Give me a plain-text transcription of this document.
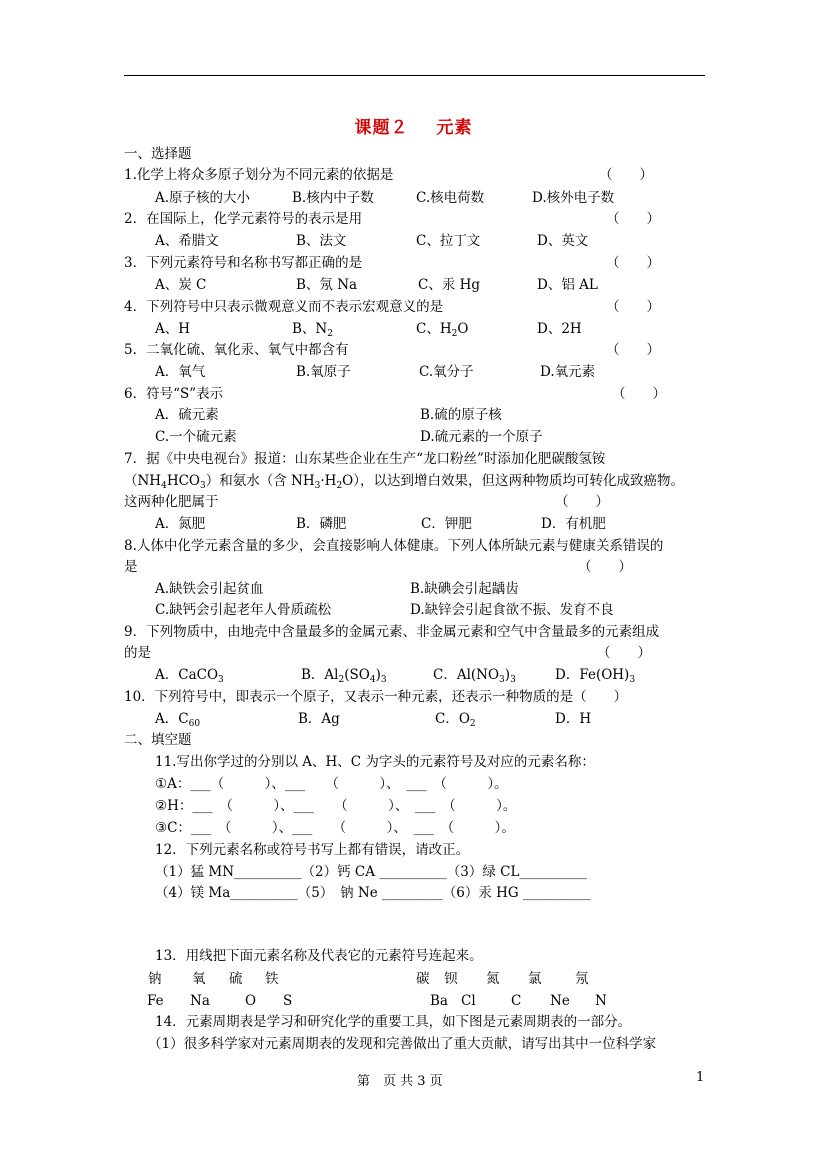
课题２ 元素
一、选择题
1.化学上将众多原子划分为不同元素的依据是	（　　）
A.原子核的大小	B.核内中子数	C.核电荷数	D.核外电子数
2．在国际上，化学元素符号的表示是用	（　　）
A、希腊文	B、法文	C、拉丁文	D、英文
3．下列元素符号和名称书写都正确的是	（　　）
A、炭 C	B、氖 Na	C、汞 Hg	D、铝 AL
4．下列符号中只表示微观意义而不表示宏观意义的是	（　　）
A、H	B、$N_2$	C、$H_2O$	D、2H
5．二氧化硫、氧化汞、氧气中都含有	（　　）
A．氧气	B.氧原子	C.氧分子	D.氧元素
6．符号“S”表示	（　　）
A．硫元素	B.硫的原子核
C.一个硫元素	D.硫元素的一个原子
7．据《中央电视台》报道：山东某些企业在生产“龙口粉丝”时添加化肥碳酸氢铵
$(NH_4HCO_3)$和氨水（含 $NH_3\cdot H_2O$），以达到增白效果，但这两种物质均可转化成致癌物。
这两种化肥属于	（　　）
A．氮肥	B．磷肥	C．钾肥	D．有机肥
8.人体中化学元素含量的多少，会直接影响人体健康。下列人体所缺元素与健康关系错误的
是	（　　）
A.缺铁会引起贫血	B.缺碘会引起龋齿
C.缺钙会引起老年人骨质疏松	D.缺锌会引起食欲不振、发育不良
9．下列物质中，由地壳中含量最多的金属元素、非金属元素和空气中含量最多的元素组成
的是	（　　）
A．CaCO$_3$	B．$Al_2(SO_4)_3$	C．$Al(NO_3)_3$	D．$Fe(OH)_3$
10．下列符号中，即表示一个原子，又表示一种元素，还表示一种物质的是（　　）
A．$C_{60}$	B．Ag	C．$O_2$	D．H
二、填空题
11.写出你学过的分别以 A、H、C 为字头的元素符号及对应的元素名称：
①A：___（　　　）、___　　（　　　）、　___　（　　　）。
②H：___　（　　　）、___　　（　　　）、　___　（　　　）。
③C：___　（　　　）、___　　（　　　）、　___　（　　　）。
12．下列元素名称或符号书写上都有错误，请改正。
（1）猛 MN__________（2）钙 CA __________（3）绿 CL__________
（4）镁 Ma__________（5）　钠 Ne _________（6）汞 HG __________
13．用线把下面元素名称及代表它的元素符号连起来。
钠 氧 硫 铁	碳 钡 氮 氯 氖
Fe Na	O S	Ba Cl	C Ne N
14．元素周期表是学习和研究化学的重要工具，如下图是元素周期表的一部分。
（1）很多科学家对元素周期表的发现和完善做出了重大贡献，请写出其中一位科学家
第　页 共 3 页	1
